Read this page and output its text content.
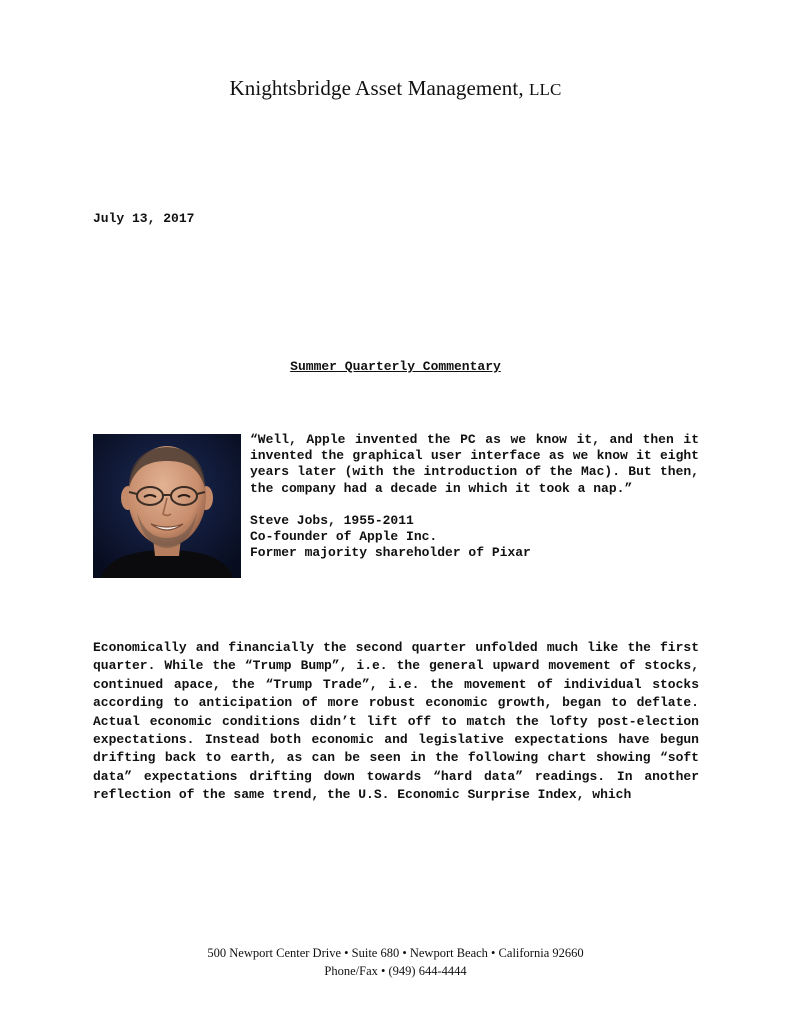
Knightsbridge Asset Management, LLC
July 13, 2017
Summer Quarterly Commentary

“Well, Apple invented the PC as we know it, and then it invented the graphical user interface as we know it eight years later (with the introduction of the Mac). But then, the company had a decade in which it took a nap.”

Steve Jobs, 1955-2011
Co-founder of Apple Inc.
Former majority shareholder of Pixar

Economically and financially the second quarter unfolded much like the first quarter. While the “Trump Bump”, i.e. the general upward movement of stocks, continued apace, the “Trump Trade”, i.e. the movement of individual stocks according to anticipation of more robust economic growth, began to deflate. Actual economic conditions didn’t lift off to match the lofty post-election expectations. Instead both economic and legislative expectations have begun drifting back to earth, as can be seen in the following chart showing “soft data” expectations drifting down towards “hard data” readings. In another reflection of the same trend, the U.S. Economic Surprise Index, which

500 Newport Center Drive • Suite 680 • Newport Beach • California 92660
Phone/Fax • (949) 644-4444
